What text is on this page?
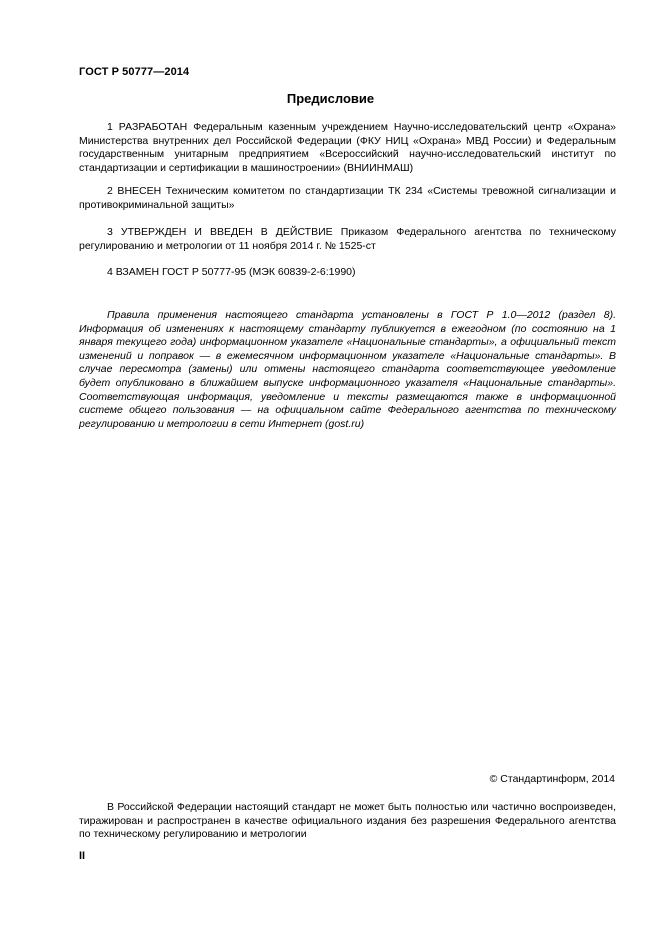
ГОСТ Р 50777—2014
Предисловие

1 РАЗРАБОТАН Федеральным казенным учреждением Научно-исследовательский центр «Охрана» Министерства внутренних дел Российской Федерации (ФКУ НИЦ «Охрана» МВД России) и Федеральным государственным унитарным предприятием «Всероссийский научно-исследовательский институт по стандартизации и сертификации в машиностроении» (ВНИИНМАШ)

2 ВНЕСЕН Техническим комитетом по стандартизации ТК 234 «Системы тревожной сигнализации и противокриминальной защиты»

3 УТВЕРЖДЕН И ВВЕДЕН В ДЕЙСТВИЕ Приказом Федерального агентства по техническому регулированию и метрологии от 11 ноября 2014 г. № 1525-ст

4 ВЗАМЕН ГОСТ Р 50777-95 (МЭК 60839-2-6:1990)

Правила применения настоящего стандарта установлены в ГОСТ Р 1.0—2012 (раздел 8). Информация об изменениях к настоящему стандарту публикуется в ежегодном (по состоянию на 1 января текущего года) информационном указателе «Национальные стандарты», а официальный текст изменений и поправок — в ежемесячном информационном указателе «Национальные стандарты». В случае пересмотра (замены) или отмены настоящего стандарта соответствующее уведомление будет опубликовано в ближайшем выпуске информационного указателя «Национальные стандарты». Соответствующая информация, уведомление и тексты размещаются также в информационной системе общего пользования — на официальном сайте Федерального агентства по техническому регулированию и метрологии в сети Интернет (gost.ru)

© Стандартинформ, 2014

В Российской Федерации настоящий стандарт не может быть полностью или частично воспроизведен, тиражирован и распространен в качестве официального издания без разрешения Федерального агентства по техническому регулированию и метрологии

II
